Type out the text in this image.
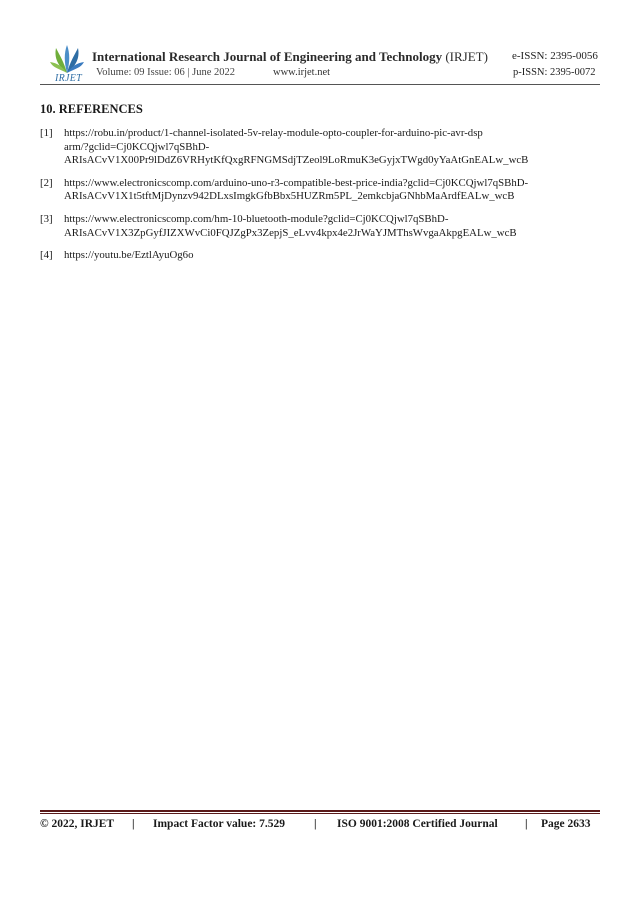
IRJET
International Research Journal of Engineering and Technology (IRJET) e-ISSN: 2395-0056
Volume: 09 Issue: 06 | June 2022	www.irjet.net	p-ISSN: 2395-0072
10. REFERENCES
[1] https://robu.in/product/1-channel-isolated-5v-relay-module-opto-coupler-for-arduino-pic-avr-dsp
arm/?gclid=Cj0KCQjwl7qSBhD-
ARIsACvV1X00Pr9lDdZ6VRHytKfQxgRFNGMSdjTZeol9LoRmuK3eGyjxTWgd0yYaAtGnEALw_wcB
[2] https://www.electronicscomp.com/arduino-uno-r3-compatible-best-price-india?gclid=Cj0KCQjwl7qSBhD-
ARIsACvV1X1t5tftMjDynzv942DLxsImgkGfbBbx5HUZRm5PL_2emkcbjaGNhbMaArdfEALw_wcB
[3] https://www.electronicscomp.com/hm-10-bluetooth-module?gclid=Cj0KCQjwl7qSBhD-
ARIsACvV1X3ZpGyfJIZXWvCi0FQJZgPx3ZepjS_eLvv4kpx4e2JrWaYJMThsWvgaAkpgEALw_wcB
[4] https://youtu.be/EztlAyuOg6o
© 2022, IRJET | Impact Factor value: 7.529	| ISO 9001:2008 Certified Journal | Page 2633
